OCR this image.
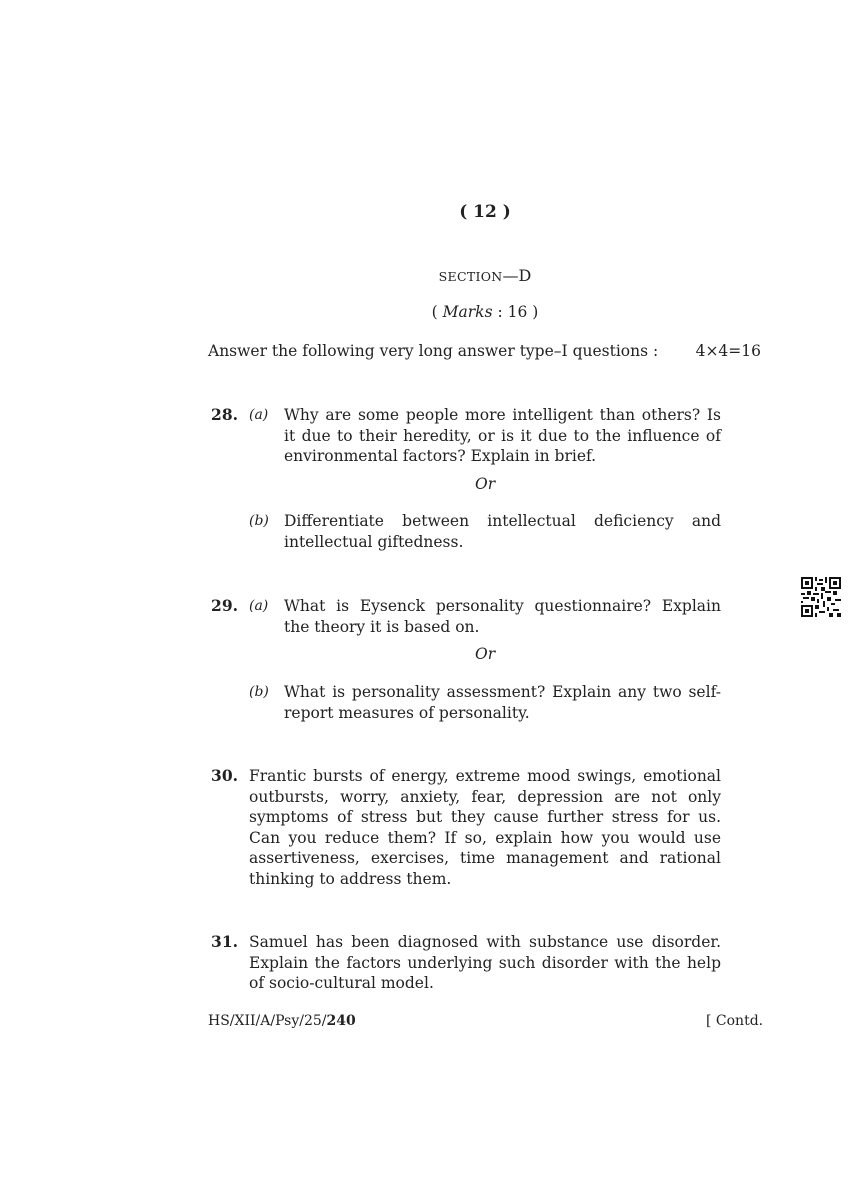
( 12 )
SECTION—D
( Marks : 16 )
Answer the following very long answer type–I questions : 4×4=16
28. (a) Why are some people more intelligent than others? Is it due to their heredity, or is it due to the influence of environmental factors? Explain in brief.
Or
(b) Differentiate between intellectual deficiency and intellectual giftedness.
29. (a) What is Eysenck personality questionnaire? Explain the theory it is based on.
Or
(b) What is personality assessment? Explain any two self-report measures of personality.
30. Frantic bursts of energy, extreme mood swings, emotional outbursts, worry, anxiety, fear, depression are not only symptoms of stress but they cause further stress for us. Can you reduce them? If so, explain how you would use assertiveness, exercises, time management and rational thinking to address them.
31. Samuel has been diagnosed with substance use disorder. Explain the factors underlying such disorder with the help of socio-cultural model.
HS/XII/A/Psy/25/240	[ Contd.
